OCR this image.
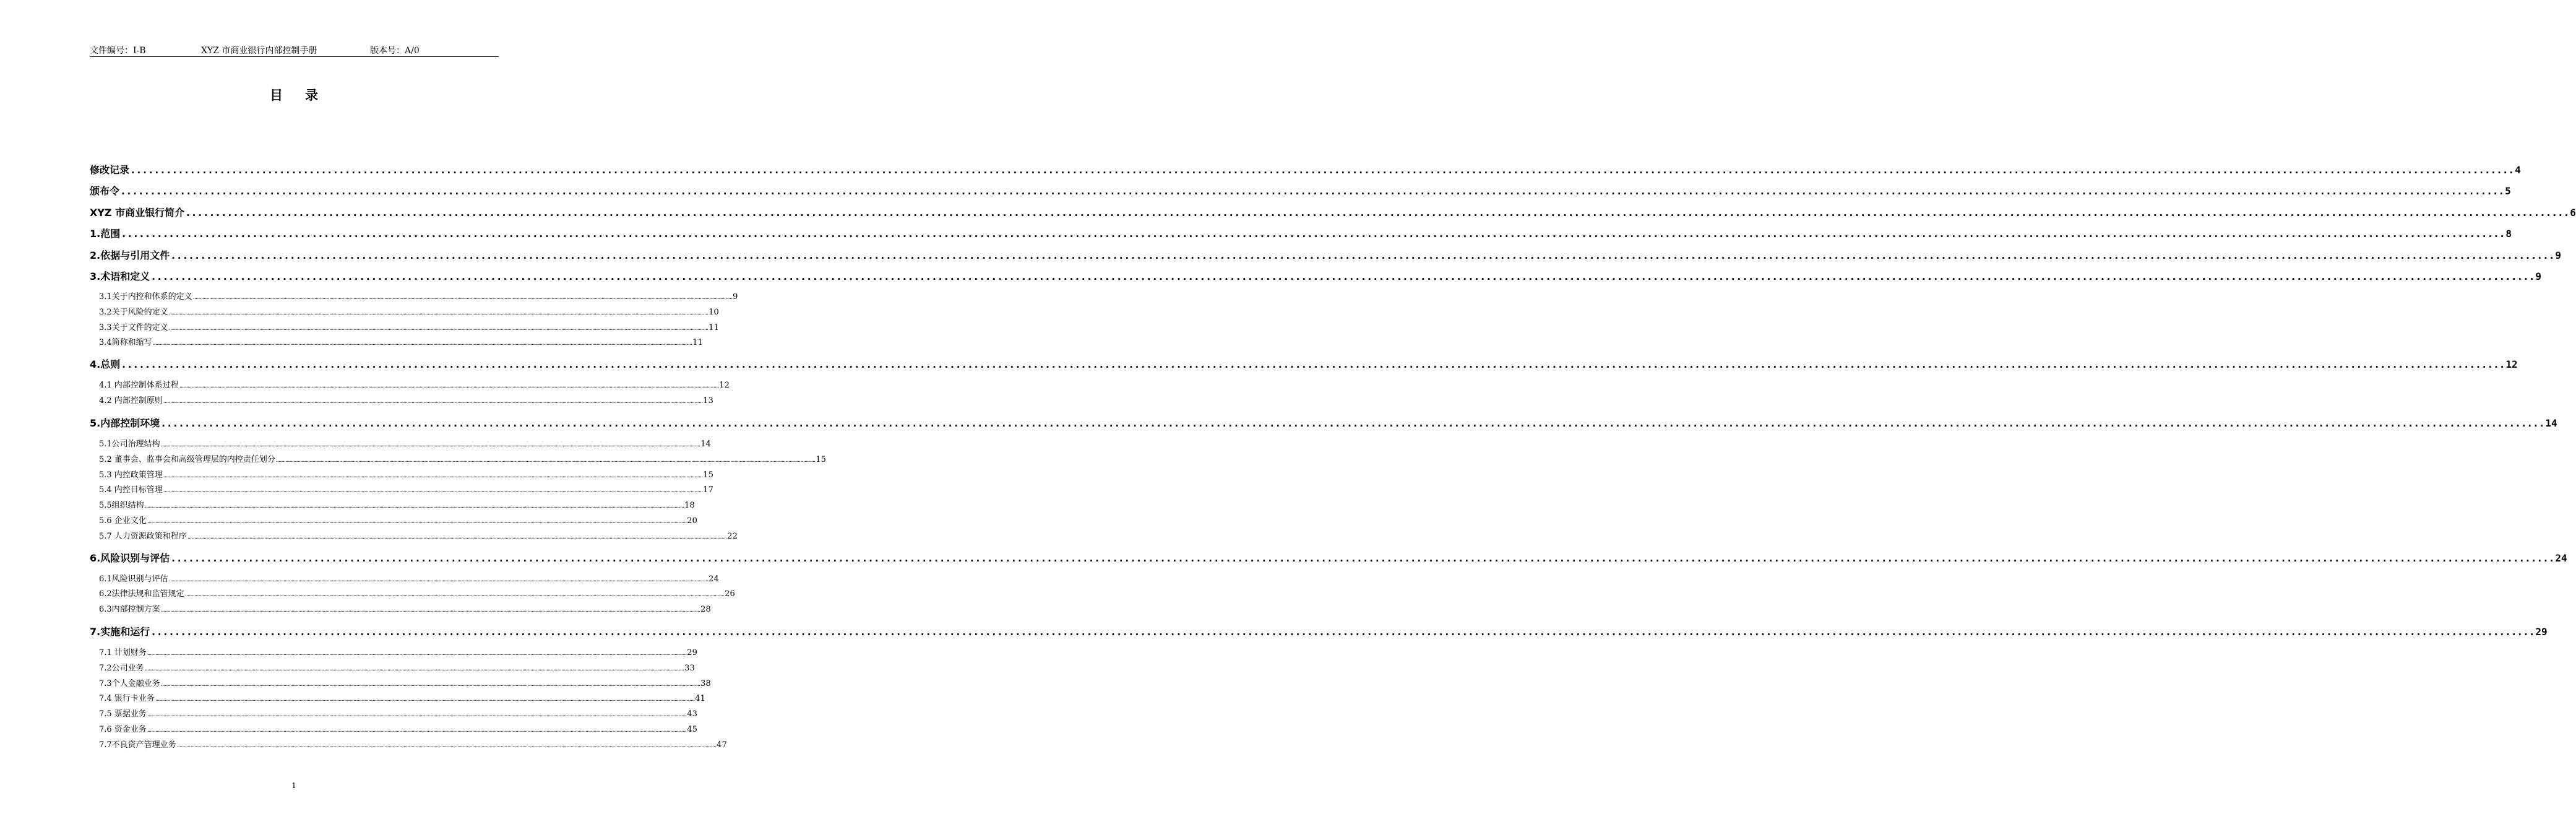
文件编号：I-B	XYZ 市商业银行内部控制手册	版本号：A/0
目录
修改记录 ................................................................................................................................................................................................................................................................................................................................................................................................................ 4
颁布令 ................................................................................................................................................................................................................................................................................................................................................................................................................ 5
XYZ 市商业银行简介 ................................................................................................................................................................................................................................................................................................................................................................................................................ 6
1.范围 ................................................................................................................................................................................................................................................................................................................................................................................................................ 8
2.依据与引用文件 ................................................................................................................................................................................................................................................................................................................................................................................................................ 9
3.术语和定义 ................................................................................................................................................................................................................................................................................................................................................................................................................ 9
3.1关于内控和体系的定义 ................................................................................................................................................................................................................................................................................................................................................................................................................ 9
3.2关于风险的定义 ................................................................................................................................................................................................................................................................................................................................................................................................................ 10
3.3关于文件的定义 ................................................................................................................................................................................................................................................................................................................................................................................................................ 11
3.4简称和缩写 ................................................................................................................................................................................................................................................................................................................................................................................................................ 11
4.总则 ................................................................................................................................................................................................................................................................................................................................................................................................................ 12
4.1 内部控制体系过程 ................................................................................................................................................................................................................................................................................................................................................................................................................ 12
4.2 内部控制原则 ................................................................................................................................................................................................................................................................................................................................................................................................................ 13
5.内部控制环境 ................................................................................................................................................................................................................................................................................................................................................................................................................ 14
5.1公司治理结构 ................................................................................................................................................................................................................................................................................................................................................................................................................ 14
5.2 董事会、监事会和高级管理层的内控责任划分 ................................................................................................................................................................................................................................................................................................................................................................................................................ 15
5.3 内控政策管理 ................................................................................................................................................................................................................................................................................................................................................................................................................ 15
5.4 内控目标管理 ................................................................................................................................................................................................................................................................................................................................................................................................................ 17
5.5组织结构 ................................................................................................................................................................................................................................................................................................................................................................................................................ 18
5.6 企业文化 ................................................................................................................................................................................................................................................................................................................................................................................................................ 20
5.7 人力资源政策和程序 ................................................................................................................................................................................................................................................................................................................................................................................................................ 22
6.风险识别与评估 ................................................................................................................................................................................................................................................................................................................................................................................................................ 24
6.1风险识别与评估 ................................................................................................................................................................................................................................................................................................................................................................................................................ 24
6.2法律法规和监管规定 ................................................................................................................................................................................................................................................................................................................................................................................................................ 26
6.3内部控制方案 ................................................................................................................................................................................................................................................................................................................................................................................................................ 28
7.实施和运行 ................................................................................................................................................................................................................................................................................................................................................................................................................ 29
7.1 计划财务 ................................................................................................................................................................................................................................................................................................................................................................................................................ 29
7.2公司业务 ................................................................................................................................................................................................................................................................................................................................................................................................................ 33
7.3个人金融业务 ................................................................................................................................................................................................................................................................................................................................................................................................................ 38
7.4 银行卡业务 ................................................................................................................................................................................................................................................................................................................................................................................................................ 41
7.5 票据业务 ................................................................................................................................................................................................................................................................................................................................................................................................................ 43
7.6 资金业务 ................................................................................................................................................................................................................................................................................................................................................................................................................ 45
7.7不良资产管理业务 ................................................................................................................................................................................................................................................................................................................................................................................................................ 47
1
